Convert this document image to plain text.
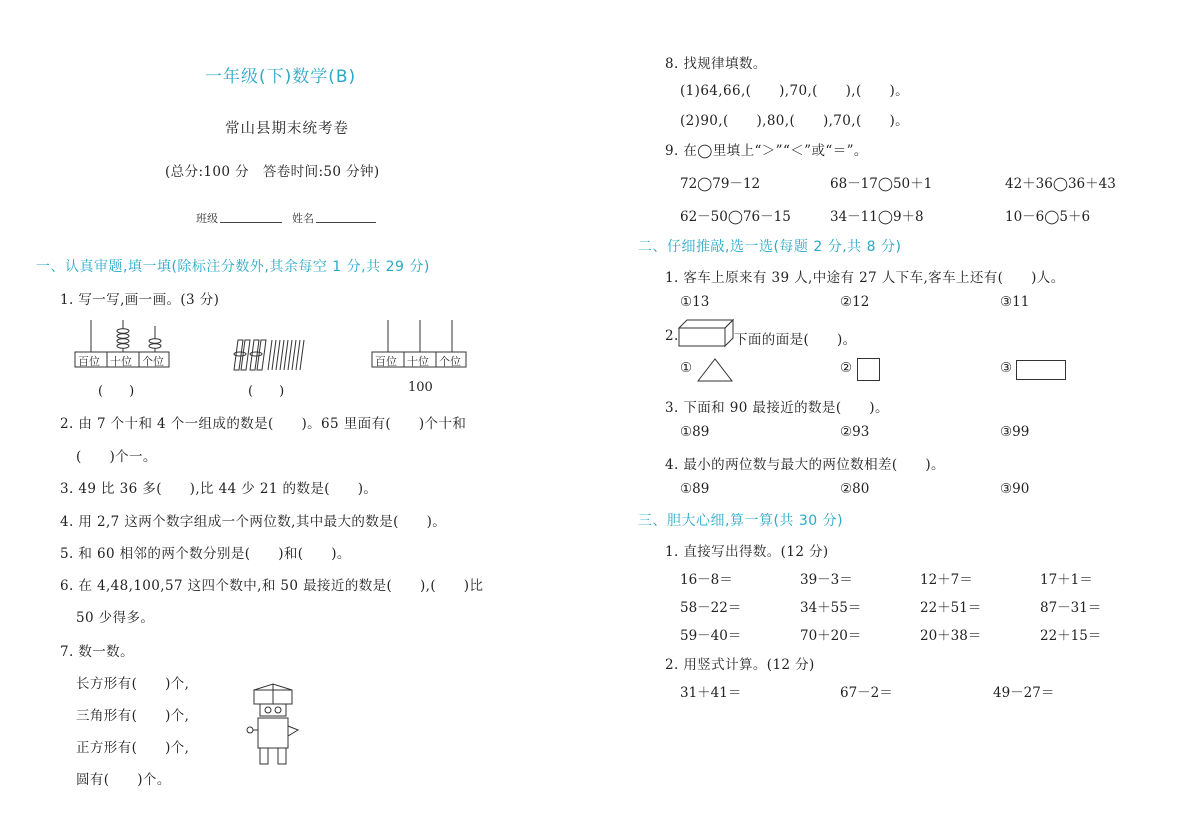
一年级(下)数学(B)
常山县期末统考卷
(总分:100 分　答卷时间:50 分钟)
班级	姓名
一、认真审题,填一填(除标注分数外,其余每空 1 分,共 29 分)
1. 写一写,画一画。(3 分)
百位 十位 个位
(　　)	(　　)
百位 十位 个位
100
2. 由 7 个十和 4 个一组成的数是(　　)。65 里面有(　　)个十和
(　　)个一。
3. 49 比 36 多(　　),比 44 少 21 的数是(　　)。
4. 用 2,7 这两个数字组成一个两位数,其中最大的数是(　　)。
5. 和 60 相邻的两个数分别是(　　)和(　　)。
6. 在 4,48,100,57 这四个数中,和 50 最接近的数是(　　),(　　)比
50 少得多。
7. 数一数。
长方形有(　　)个,
三角形有(　　)个,
正方形有(　　)个,
圆有(　　)个。
8. 找规律填数。
(1)64,66,(　　),70,(　　),(　　)。
(2)90,(　　),80,(　　),70,(　　)。
9. 在◯里填上“＞”“＜”或“＝”。
72◯79－12	68－17◯50＋1	42＋36◯36＋43
62－50◯76－15	34－11◯9＋8	10－6◯5＋6
二、仔细推敲,选一选(每题 2 分,共 8 分)
1. 客车上原来有 39 人,中途有 27 人下车,客车上还有(　　)人。
①13	②12	③11
2.	下面的面是(　　)。
①	②	③
3. 下面和 90 最接近的数是(　　)。
①89	②93	③99
4. 最小的两位数与最大的两位数相差(　　)。
①89	②80	③90
三、胆大心细,算一算(共 30 分)
1. 直接写出得数。(12 分)
16－8＝	39－3＝	12＋7＝	17＋1＝
58－22＝	34＋55＝	22＋51＝	87－31＝
59－40＝	70＋20＝	20＋38＝	22＋15＝
2. 用竖式计算。(12 分)
31＋41＝	67－2＝	49－27＝
